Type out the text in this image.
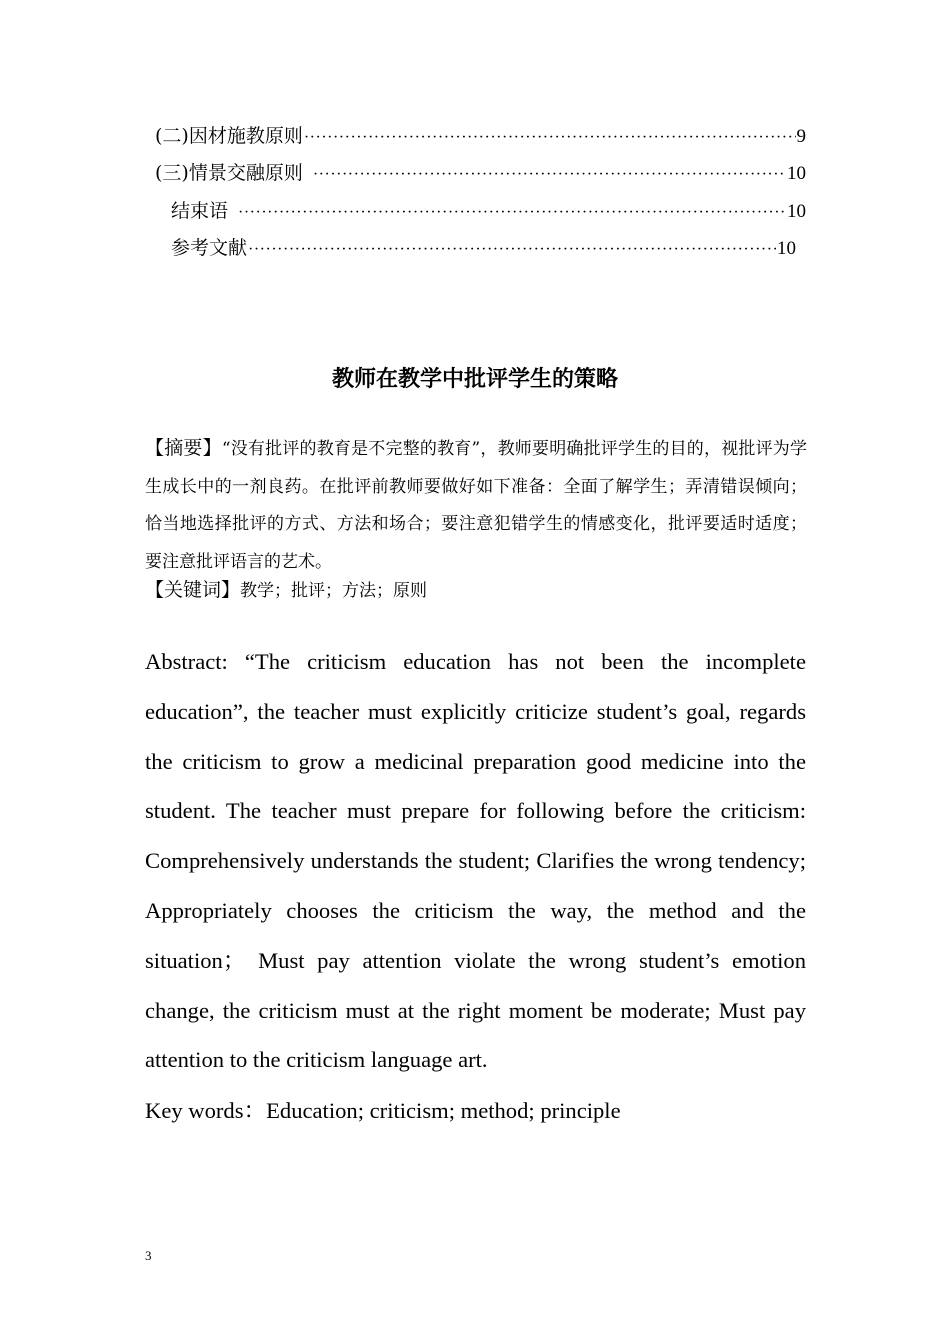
(二)因材施教原则 ·····	9
(三)情景交融原则 ·····	10
结束语 ·····	10
参考文献 ·····	10
教师在教学中批评学生的策略

【摘要】“没有批评的教育是不完整的教育”，教师要明确批评学生的目的，视批评为学生成长中的一剂良药。在批评前教师要做好如下准备：全面了解学生；弄清错误倾向；恰当地选择批评的方式、方法和场合；要注意犯错学生的情感变化，批评要适时适度；要注意批评语言的艺术。

【关键词】教学；批评；方法；原则

Abstract: “The criticism education has not been the incomplete education”, the teacher must explicitly criticize student’s goal, regards the criticism to grow a medicinal preparation good medicine into the student. The teacher must prepare for following before the criticism: Comprehensively understands the student; Clarifies the wrong tendency; Appropriately chooses the criticism the way, the method and the situation； Must pay attention violate the wrong student’s emotion change, the criticism must at the right moment be moderate; Must pay attention to the criticism language art.

Key words：Education; criticism; method; principle

3
